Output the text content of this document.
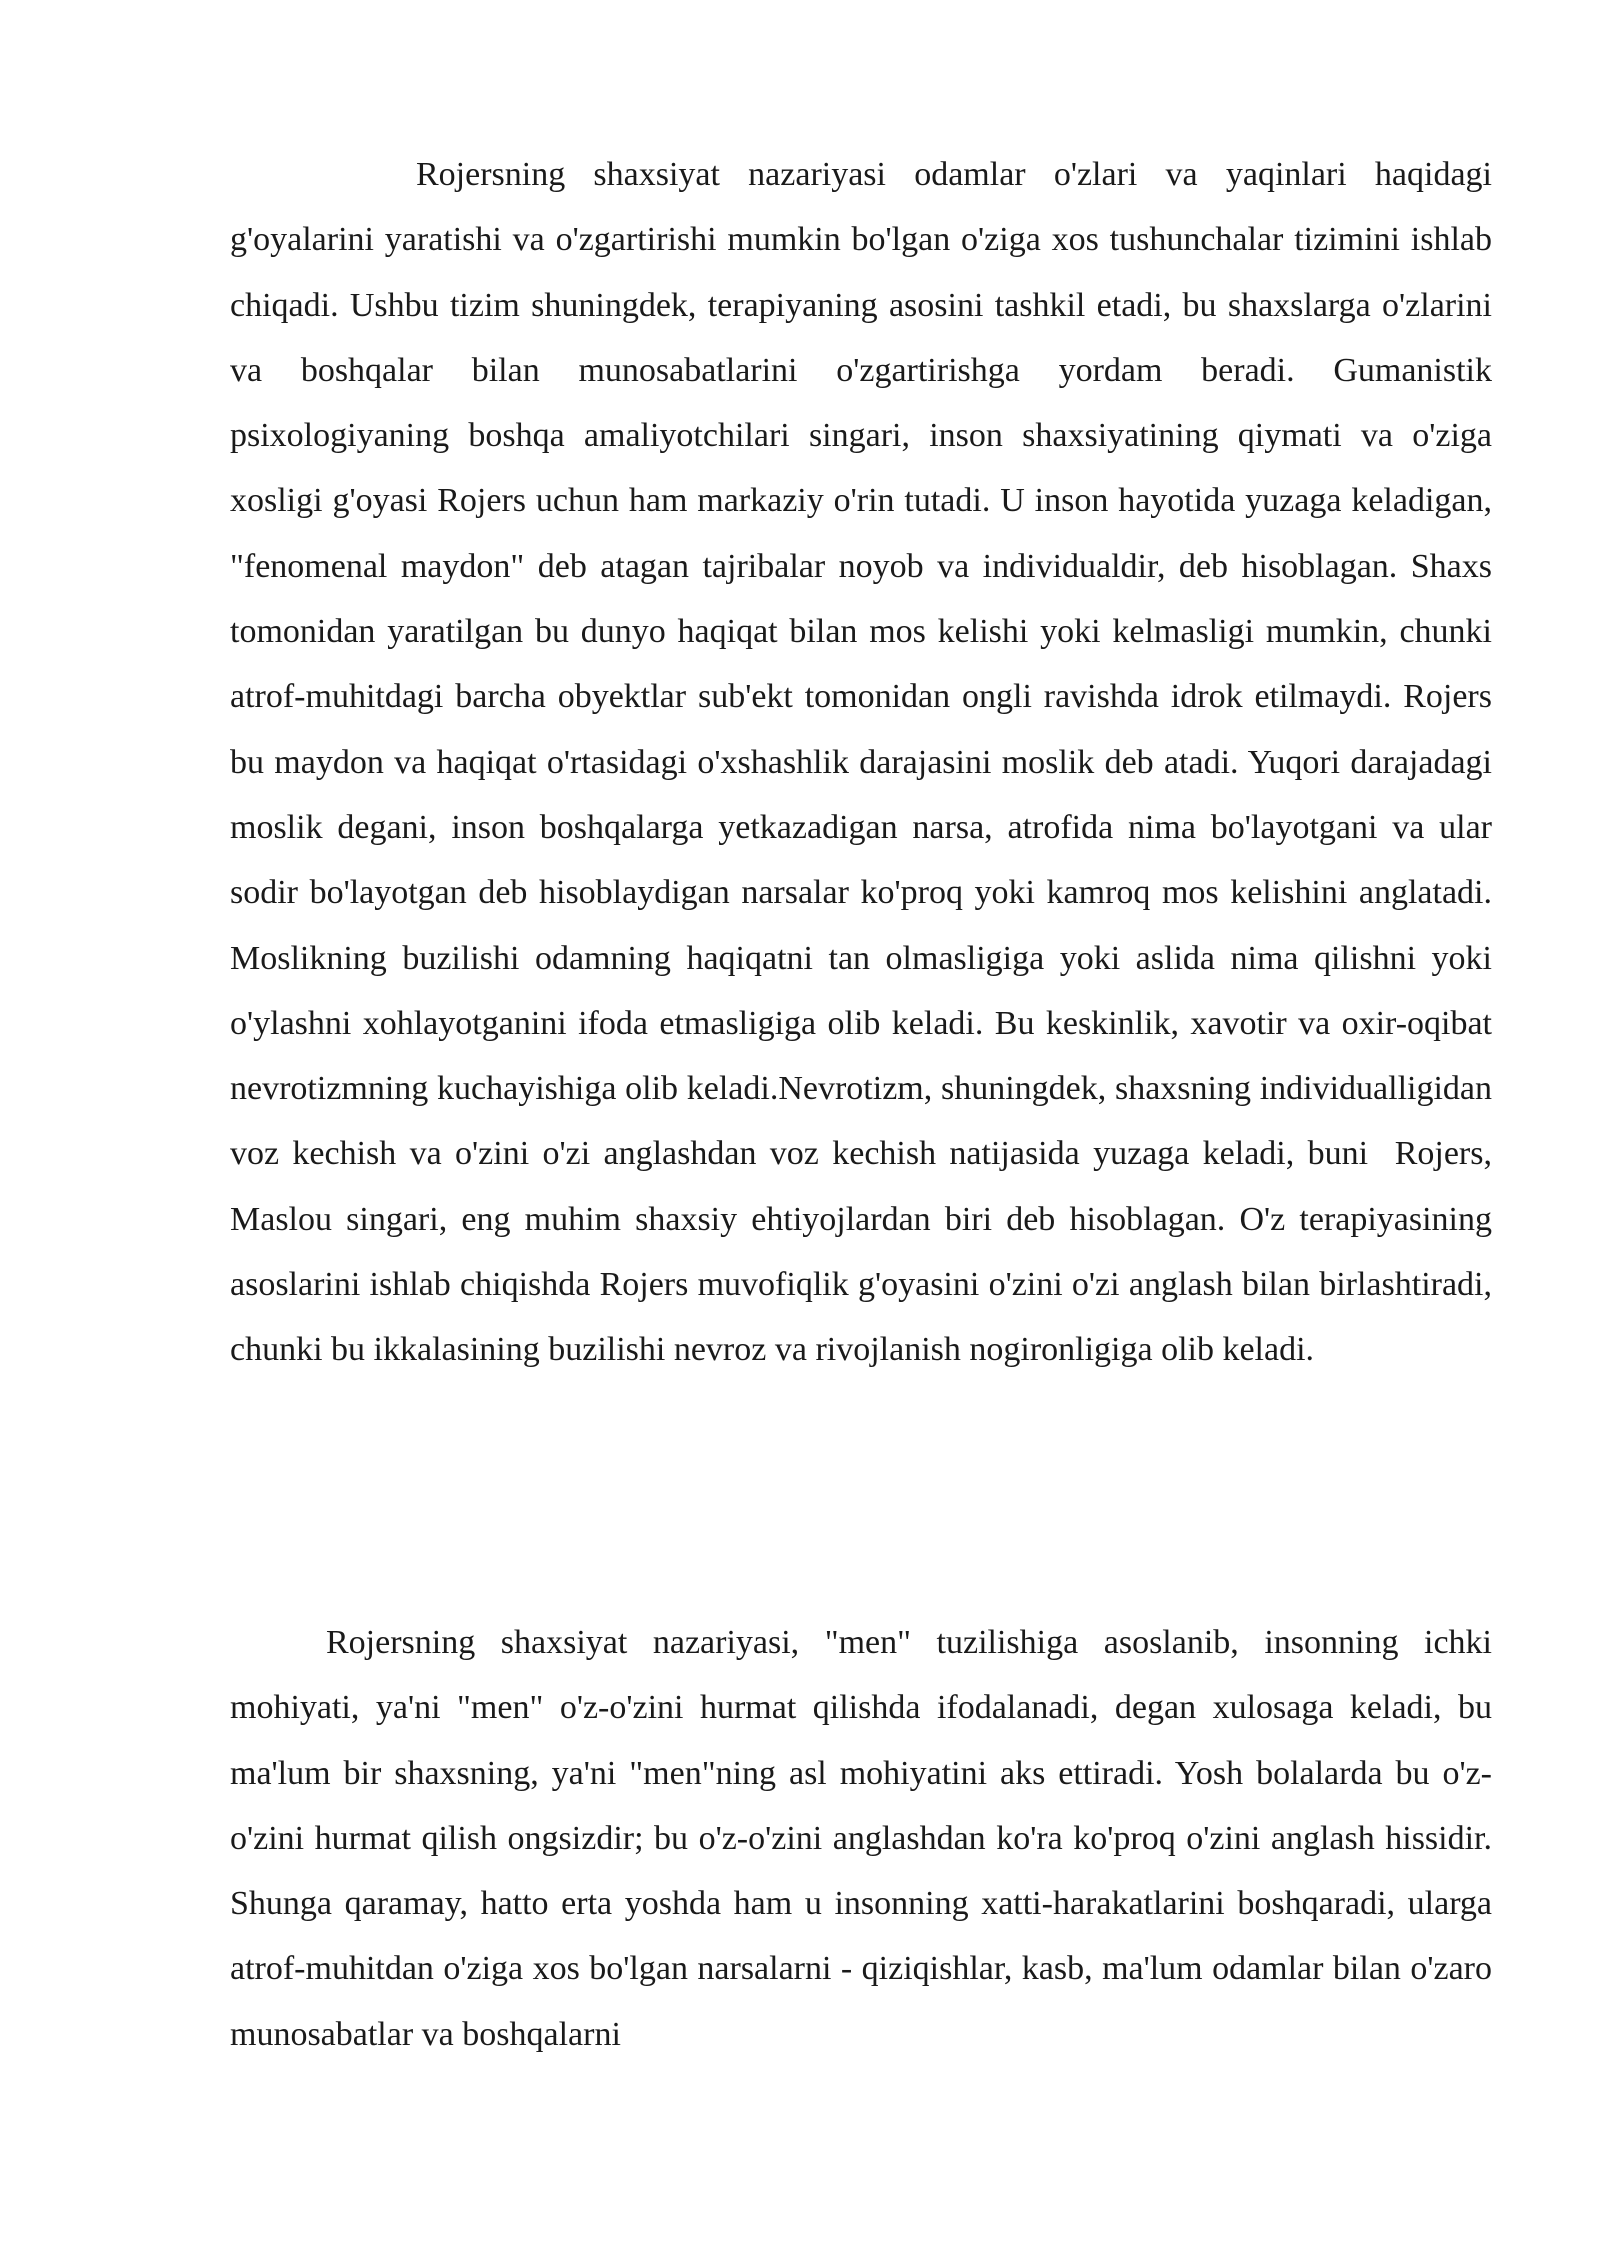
Rojersning shaxsiyat nazariyasi odamlar o'zlari va yaqinlari haqidagi g'oyalarini yaratishi va o'zgartirishi mumkin bo'lgan o'ziga xos tushunchalar tizimini ishlab chiqadi. Ushbu tizim shuningdek, terapiyaning asosini tashkil etadi, bu shaxslarga o'zlarini va boshqalar bilan munosabatlarini o'zgartirishga yordam beradi. Gumanistik psixologiyaning boshqa amaliyotchilari singari, inson shaxsiyatining qiymati va o'ziga xosligi g'oyasi Rojers uchun ham markaziy o'rin tutadi. U inson hayotida yuzaga keladigan, "fenomenal maydon" deb atagan tajribalar noyob va individualdir, deb hisoblagan. Shaxs tomonidan yaratilgan bu dunyo haqiqat bilan mos kelishi yoki kelmasligi mumkin, chunki atrof-muhitdagi barcha obyektlar sub'ekt tomonidan ongli ravishda idrok etilmaydi. Rojers bu maydon va haqiqat o'rtasidagi o'xshashlik darajasini moslik deb atadi. Yuqori darajadagi moslik degani, inson boshqalarga yetkazadigan narsa, atrofida nima bo'layotgani va ular sodir bo'layotgan deb hisoblaydigan narsalar ko'proq yoki kamroq mos kelishini anglatadi. Moslikning buzilishi odamning haqiqatni tan olmasligiga yoki aslida nima qilishni yoki o'ylashni xohlayotganini ifoda etmasligiga olib keladi. Bu keskinlik, xavotir va oxir-oqibat nevrotizmning kuchayishiga olib keladi.Nevrotizm, shuningdek, shaxsning individualligidan voz kechish va o'zini o'zi anglashdan voz kechish natijasida yuzaga keladi, buni  Rojers, Maslou singari, eng muhim shaxsiy ehtiyojlardan biri deb hisoblagan. O'z terapiyasining asoslarini ishlab chiqishda Rojers muvofiqlik g'oyasini o'zini o'zi anglash bilan birlashtiradi, chunki bu ikkalasining buzilishi nevroz va rivojlanish nogironligiga olib keladi.

Rojersning shaxsiyat nazariyasi, "men" tuzilishiga asoslanib, insonning ichki mohiyati, ya'ni "men" o'z-o'zini hurmat qilishda ifodalanadi, degan xulosaga keladi, bu ma'lum bir shaxsning, ya'ni "men"ning asl mohiyatini aks ettiradi. Yosh bolalarda bu o'z-o'zini hurmat qilish ongsizdir; bu o'z-o'zini anglashdan ko'ra ko'proq o'zini anglash hissidir. Shunga qaramay, hatto erta yoshda ham u insonning xatti-harakatlarini boshqaradi, ularga atrof-muhitdan o'ziga xos bo'lgan narsalarni - qiziqishlar, kasb, ma'lum odamlar bilan o'zaro munosabatlar va boshqalarni
